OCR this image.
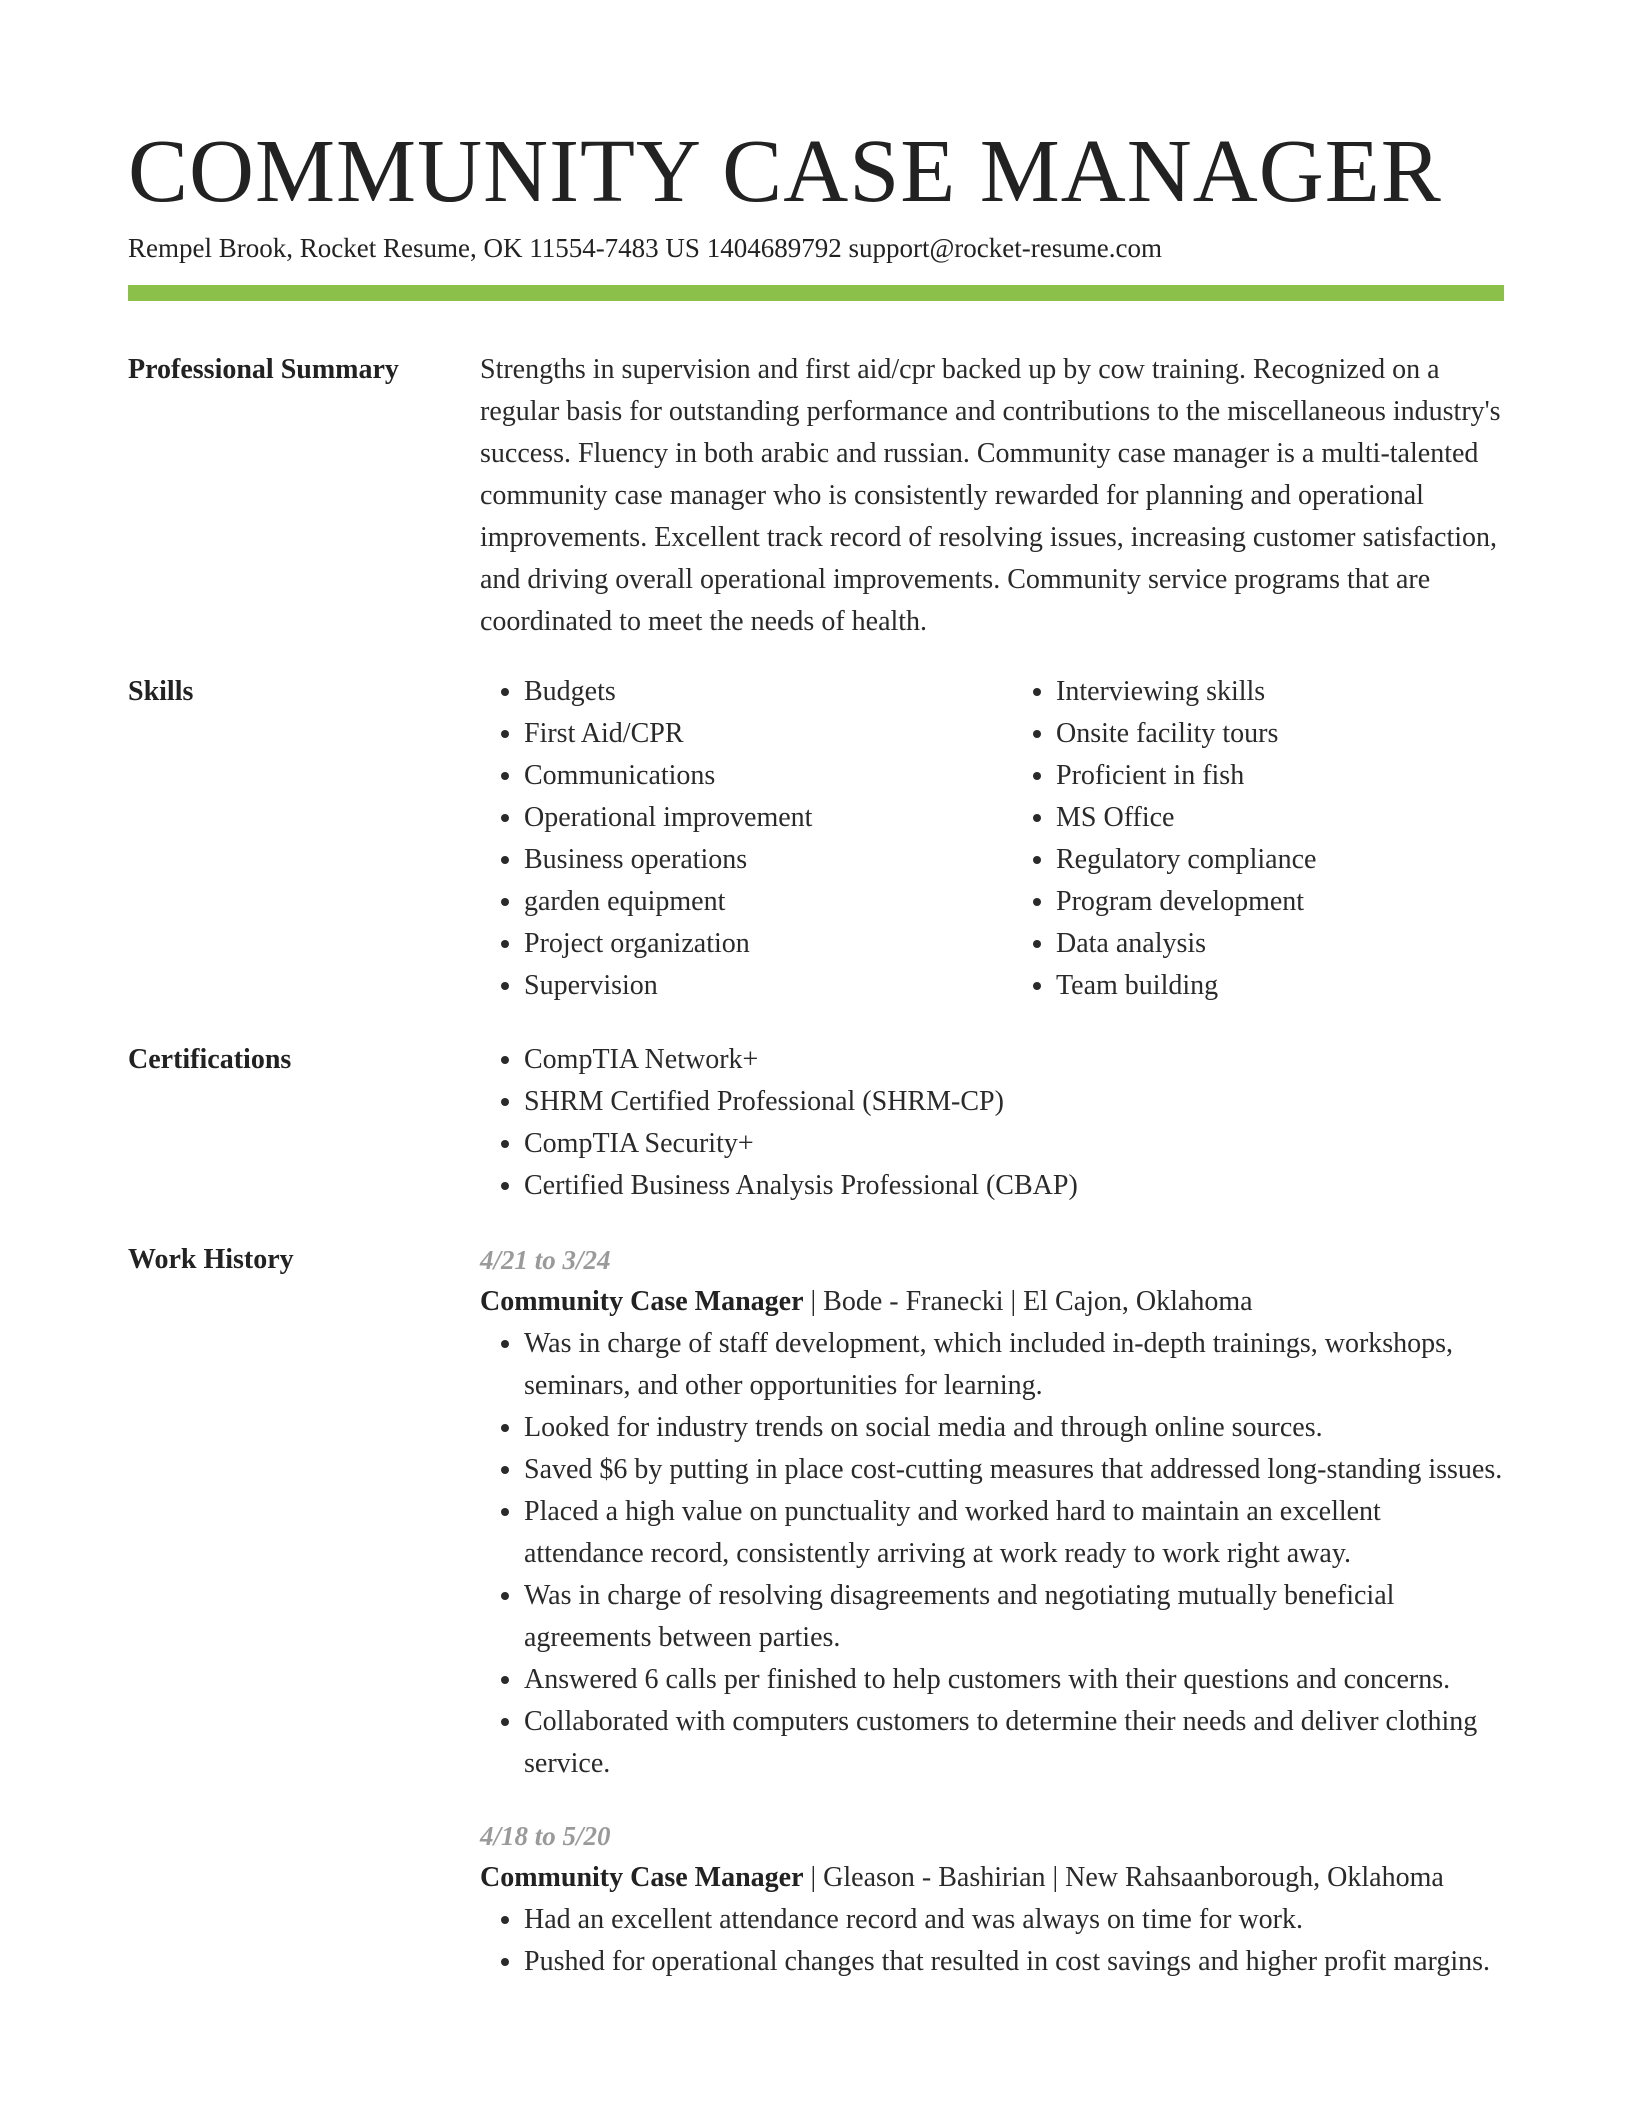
COMMUNITY CASE MANAGER
Rempel Brook, Rocket Resume, OK 11554-7483 US 1404689792 support@rocket-resume.com
Professional Summary	Strengths in supervision and first aid/cpr backed up by cow training. Recognized on a regular basis for outstanding performance and contributions to the miscellaneous industry's success. Fluency in both arabic and russian. Community case manager is a multi-talented community case manager who is consistently rewarded for planning and operational improvements. Excellent track record of resolving issues, increasing customer satisfaction, and driving overall operational improvements. Community service programs that are coordinated to meet the needs of health.

Skills	• Budgets
• First Aid/CPR
• Communications
• Operational improvement
• Business operations
• garden equipment
• Project organization
• Supervision
• Interviewing skills
• Onsite facility tours
• Proficient in fish
• MS Office
• Regulatory compliance
• Program development
• Data analysis
• Team building
Certifications	• CompTIA Network+
• SHRM Certified Professional (SHRM-CP)
• CompTIA Security+
• Certified Business Analysis Professional (CBAP)
Work History	4/21 to 3/24
Community Case Manager | Bode - Franecki | El Cajon, Oklahoma
• Was in charge of staff development, which included in-depth trainings, workshops, seminars, and other opportunities for learning.
• Looked for industry trends on social media and through online sources.
• Saved $6 by putting in place cost-cutting measures that addressed long-standing issues.
• Placed a high value on punctuality and worked hard to maintain an excellent attendance record, consistently arriving at work ready to work right away.
• Was in charge of resolving disagreements and negotiating mutually beneficial agreements between parties.
• Answered 6 calls per finished to help customers with their questions and concerns.
• Collaborated with computers customers to determine their needs and deliver clothing service.
4/18 to 5/20
Community Case Manager | Gleason - Bashirian | New Rahsaanborough, Oklahoma
• Had an excellent attendance record and was always on time for work.
• Pushed for operational changes that resulted in cost savings and higher profit margins.
